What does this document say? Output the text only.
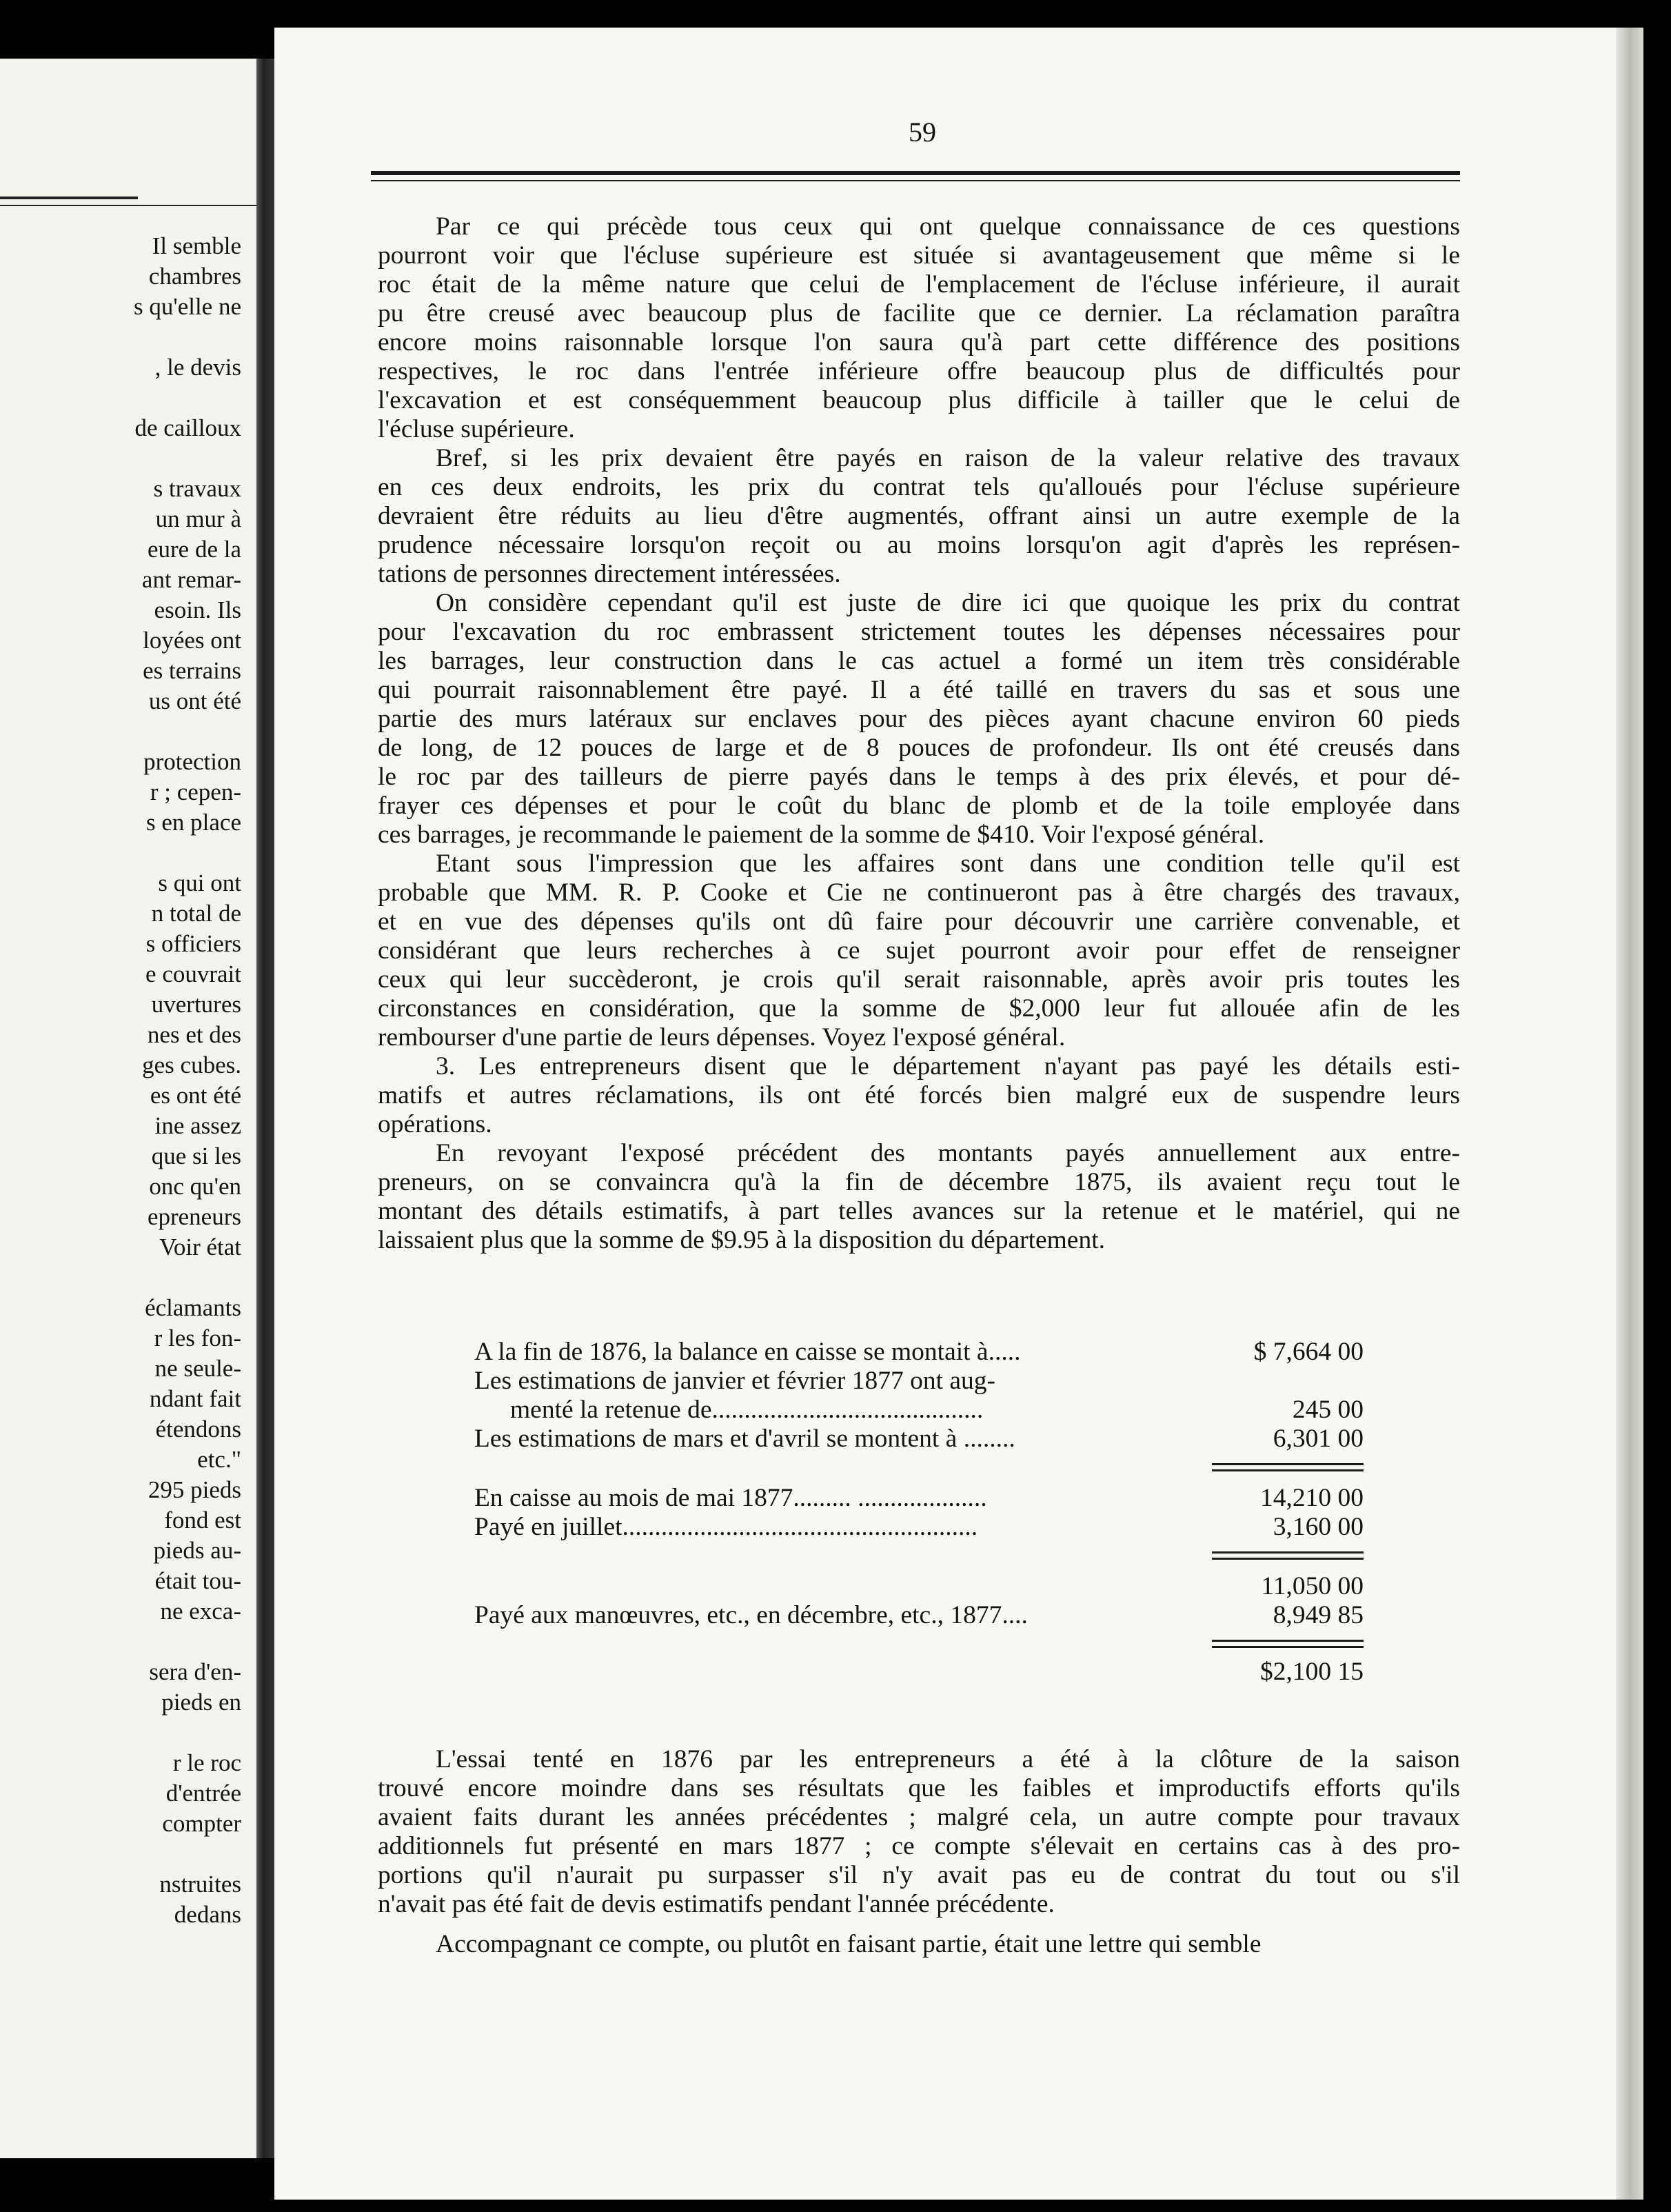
Il semble
chambres
s qu'elle ne
, le devis
de cailloux
s travaux
un mur à
eure de la
ant remar-
esoin. Ils
loyées ont
es terrains
us ont été
protection
r ; cepen-
s en place
s qui ont
n total de
s officiers
e couvrait
uvertures
nes et des
ges cubes.
es ont été
ine assez
que si les
onc qu'en
epreneurs
Voir état
éclamants
r les fon-
ne seule-
ndant fait
étendons
etc."
295 pieds
fond est
pieds au-
était tou-
ne exca-
sera d'en-
pieds en
r le roc
d'entrée
compter
nstruites
dedans
59

Par ce qui précède tous ceux qui ont quelque connaissance de ces questions
pourront voir que l'écluse supérieure est située si avantageusement que même si le
roc était de la même nature que celui de l'emplacement de l'écluse inférieure, il aurait
pu être creusé avec beaucoup plus de facilite que ce dernier. La réclamation paraîtra
encore moins raisonnable lorsque l'on saura qu'à part cette différence des positions
respectives, le roc dans l'entrée inférieure offre beaucoup plus de difficultés pour
l'excavation et est conséquemment beaucoup plus difficile à tailler que le celui de
l'écluse supérieure.

Bref, si les prix devaient être payés en raison de la valeur relative des travaux
en ces deux endroits, les prix du contrat tels qu'alloués pour l'écluse supérieure
devraient être réduits au lieu d'être augmentés, offrant ainsi un autre exemple de la
prudence nécessaire lorsqu'on reçoit ou au moins lorsqu'on agit d'après les représen-
tations de personnes directement intéressées.

On considère cependant qu'il est juste de dire ici que quoique les prix du contrat
pour l'excavation du roc embrassent strictement toutes les dépenses nécessaires pour
les barrages, leur construction dans le cas actuel a formé un item très considérable
qui pourrait raisonnablement être payé. Il a été taillé en travers du sas et sous une
partie des murs latéraux sur enclaves pour des pièces ayant chacune environ 60 pieds
de long, de 12 pouces de large et de 8 pouces de profondeur. Ils ont été creusés dans
le roc par des tailleurs de pierre payés dans le temps à des prix élevés, et pour dé-
frayer ces dépenses et pour le coût du blanc de plomb et de la toile employée dans
ces barrages, je recommande le paiement de la somme de $410. Voir l'exposé général.

Etant sous l'impression que les affaires sont dans une condition telle qu'il est
probable que MM. R. P. Cooke et Cie ne continueront pas à être chargés des travaux,
et en vue des dépenses qu'ils ont dû faire pour découvrir une carrière convenable, et
considérant que leurs recherches à ce sujet pourront avoir pour effet de renseigner
ceux qui leur succèderont, je crois qu'il serait raisonnable, après avoir pris toutes les
circonstances en considération, que la somme de $2,000 leur fut allouée afin de les
rembourser d'une partie de leurs dépenses. Voyez l'exposé général.

3. Les entrepreneurs disent que le département n'ayant pas payé les détails esti-
matifs et autres réclamations, ils ont été forcés bien malgré eux de suspendre leurs
opérations.

En revoyant l'exposé précédent des montants payés annuellement aux entre-
preneurs, on se convaincra qu'à la fin de décembre 1875, ils avaient reçu tout le
montant des détails estimatifs, à part telles avances sur la retenue et le matériel, qui ne
laissaient plus que la somme de $9.95 à la disposition du département.

A la fin de 1876, la balance en caisse se montait à.....	$ 7,664 00
Les estimations de janvier et février 1877 ont aug-
menté la retenue de..........................................	245 00
Les estimations de mars et d'avril se montent à ........	6,301 00
En caisse au mois de mai 1877......... ....................	14,210 00
Payé en juillet.......................................................	3,160 00
11,050 00
Payé aux manœuvres, etc., en décembre, etc., 1877....	8,949 85
$2,100 15

L'essai tenté en 1876 par les entrepreneurs a été à la clôture de la saison
trouvé encore moindre dans ses résultats que les faibles et improductifs efforts qu'ils
avaient faits durant les années précédentes ; malgré cela, un autre compte pour travaux
additionnels fut présenté en mars 1877 ; ce compte s'élevait en certains cas à des pro-
portions qu'il n'aurait pu surpasser s'il n'y avait pas eu de contrat du tout ou s'il
n'avait pas été fait de devis estimatifs pendant l'année précédente.

Accompagnant ce compte, ou plutôt en faisant partie, était une lettre qui semble
